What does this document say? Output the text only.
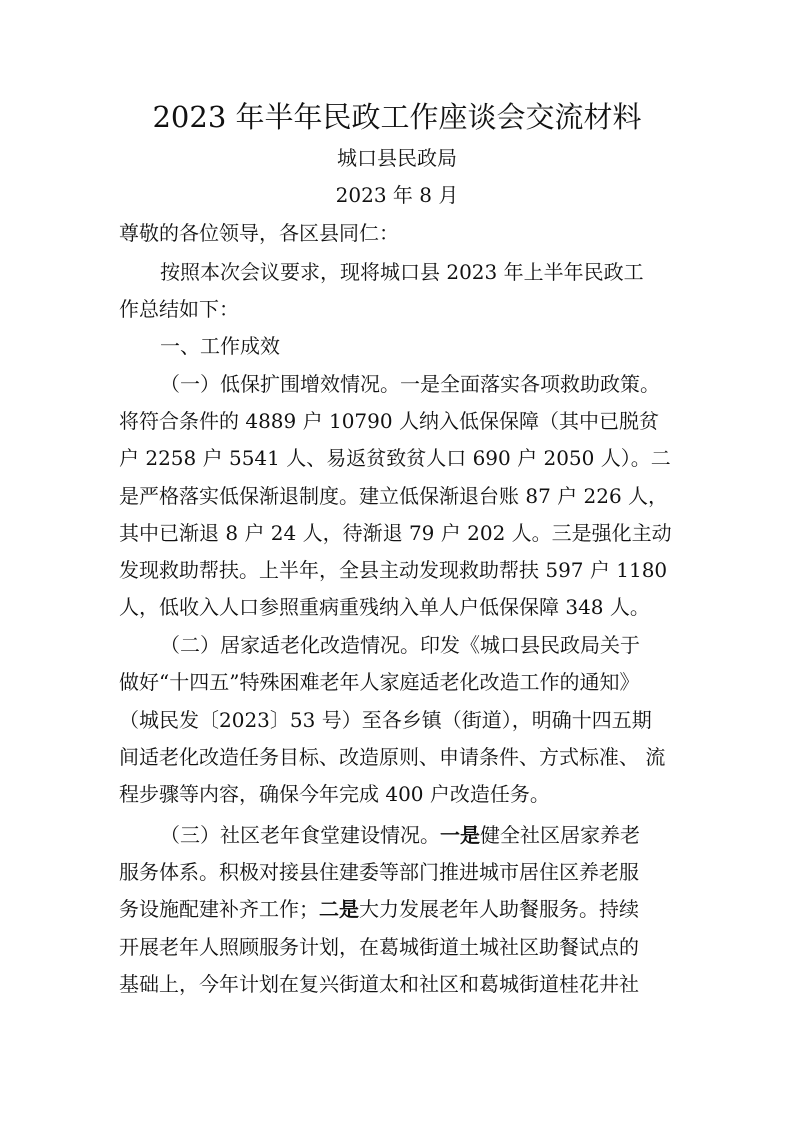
2023 年半年民政工作座谈会交流材料
城口县民政局
2023 年 8 月
尊敬的各位领导，各区县同仁：
按照本次会议要求，现将城口县 2023 年上半年民政工
作总结如下：
一、工作成效
（一）低保扩围增效情况。一是全面落实各项救助政策。
将符合条件的 4889 户 10790 人纳入低保保障（其中已脱贫
户 2258 户 5541 人、易返贫致贫人口 690 户 2050 人）。二
是严格落实低保渐退制度。建立低保渐退台账 87 户 226 人，
其中已渐退 8 户 24 人，待渐退 79 户 202 人。三是强化主动
发现救助帮扶。上半年，全县主动发现救助帮扶 597 户 1180
人，低收入人口参照重病重残纳入单人户低保保障 348 人。
（二）居家适老化改造情况。印发《城口县民政局关于
做好“十四五”特殊困难老年人家庭适老化改造工作的通知》
（城民发〔2023〕53 号）至各乡镇（街道），明确十四五期
间适老化改造任务目标、改造原则、申请条件、方式标准、 流
程步骤等内容，确保今年完成 400 户改造任务。
（三）社区老年食堂建设情况。一是健全社区居家养老
服务体系。积极对接县住建委等部门推进城市居住区养老服
务设施配建补齐工作；二是大力发展老年人助餐服务。持续
开展老年人照顾服务计划，在葛城街道土城社区助餐试点的
基础上，今年计划在复兴街道太和社区和葛城街道桂花井社
